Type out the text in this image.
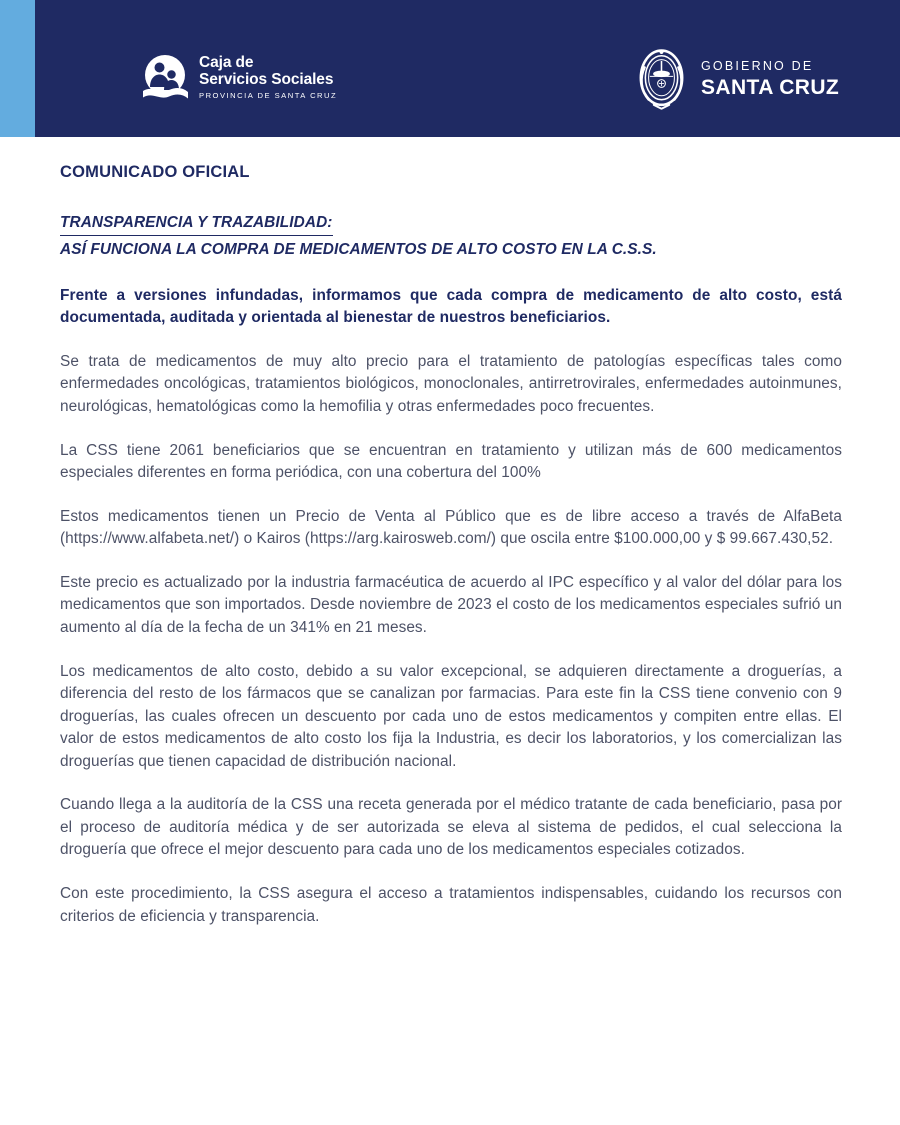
Caja de
Servicios Sociales
PROVINCIA DE SANTA CRUZ
GOBIERNO DE
SANTA CRUZ
COMUNICADO OFICIAL
TRANSPARENCIA Y TRAZABILIDAD:
ASÍ FUNCIONA LA COMPRA DE MEDICAMENTOS DE ALTO COSTO EN LA C.S.S.

Frente a versiones infundadas, informamos que cada compra de medicamento de alto costo, está documentada, auditada y orientada al bienestar de nuestros beneficiarios.

Se trata de medicamentos de muy alto precio para el tratamiento de patologías específicas tales como enfermedades oncológicas, tratamientos biológicos, monoclonales, antirretrovirales, enfermedades autoinmunes, neurológicas, hematológicas como la hemofilia y otras enfermedades poco frecuentes.

La CSS tiene 2061 beneficiarios que se encuentran en tratamiento y utilizan más de 600 medicamentos especiales diferentes en forma periódica, con una cobertura del 100%

Estos medicamentos tienen un Precio de Venta al Público que es de libre acceso a través de AlfaBeta (https://www.alfabeta.net/) o Kairos (https://arg.kairosweb.com/) que oscila entre $100.000,00 y $ 99.667.430,52.

Este precio es actualizado por la industria farmacéutica de acuerdo al IPC específico y al valor del dólar para los medicamentos que son importados. Desde noviembre de 2023 el costo de los medicamentos especiales sufrió un aumento al día de la fecha de un 341% en 21 meses.

Los medicamentos de alto costo, debido a su valor excepcional, se adquieren directamente a droguerías, a diferencia del resto de los fármacos que se canalizan por farmacias. Para este fin la CSS tiene convenio con 9 droguerías, las cuales ofrecen un descuento por cada uno de estos medicamentos y compiten entre ellas. El valor de estos medicamentos de alto costo los fija la Industria, es decir los laboratorios, y los comercializan las droguerías que tienen capacidad de distribución nacional.

Cuando llega a la auditoría de la CSS una receta generada por el médico tratante de cada beneficiario, pasa por el proceso de auditoría médica y de ser autorizada se eleva al sistema de pedidos, el cual selecciona la droguería que ofrece el mejor descuento para cada uno de los medicamentos especiales cotizados.

Con este procedimiento, la CSS asegura el acceso a tratamientos indispensables, cuidando los recursos con criterios de eficiencia y transparencia.
